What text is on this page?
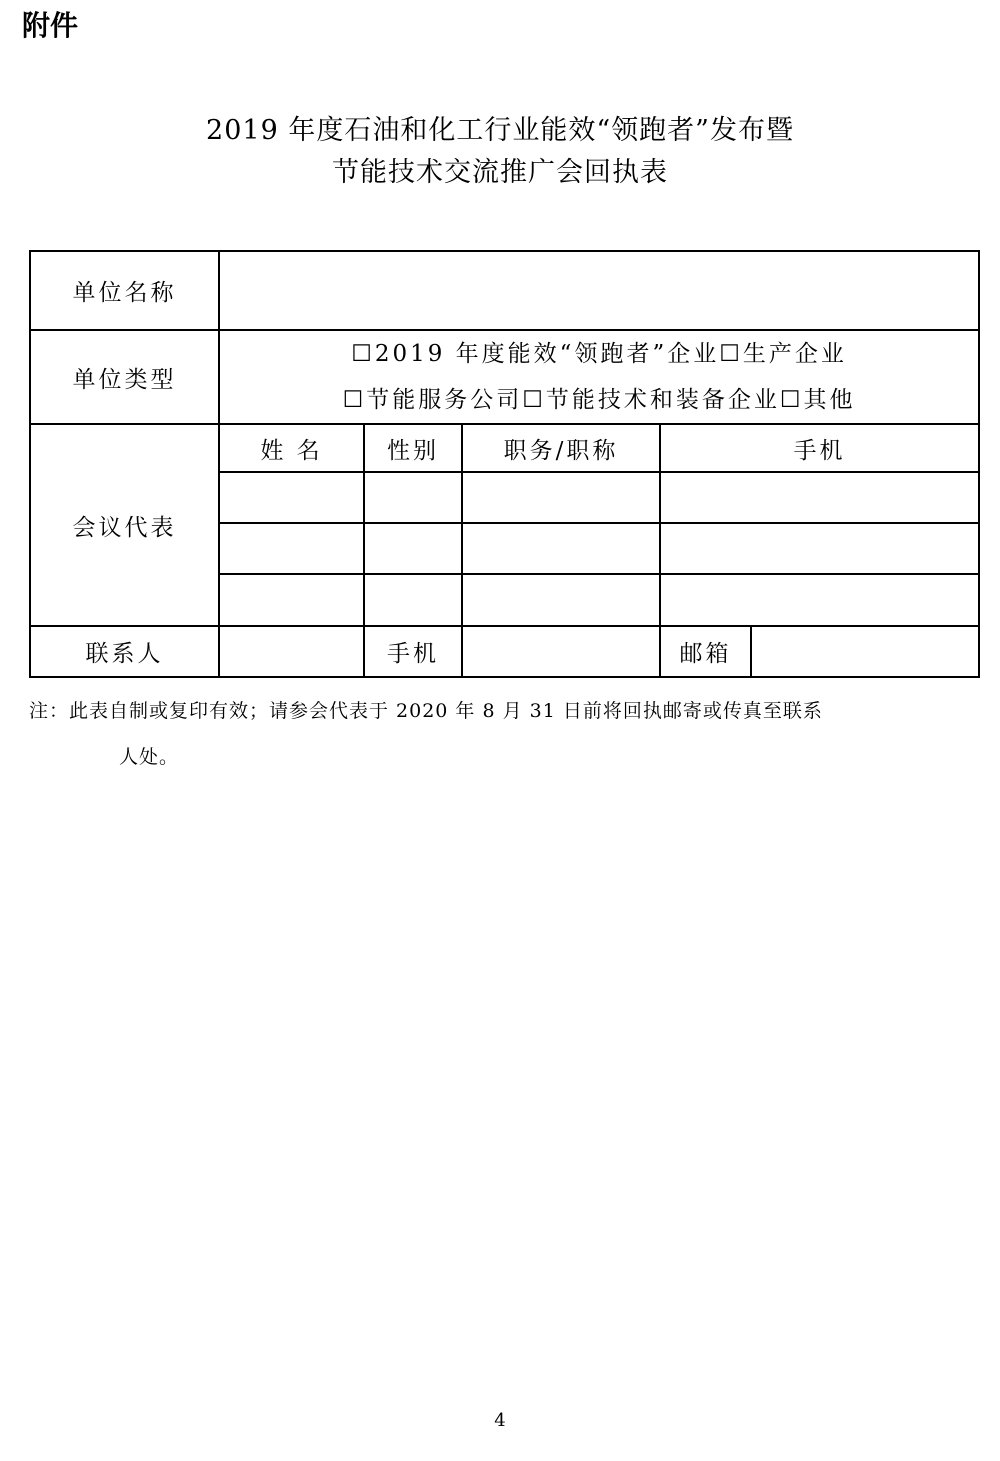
附件
2019 年度石油和化工行业能效“领跑者”发布暨
节能技术交流推广会回执表
单位名称					
单位类型	☐2019 年度能效“领跑者”企业☐生产企业
☐节能服务公司☐节能技术和装备企业☐其他				

会议代表	姓 名	性别	职务/职称	手机	

联系人		手机		邮箱	
注：此表自制或复印有效；请参会代表于 2020 年 8 月 31 日前将回执邮寄或传真至联系
人处。
4
